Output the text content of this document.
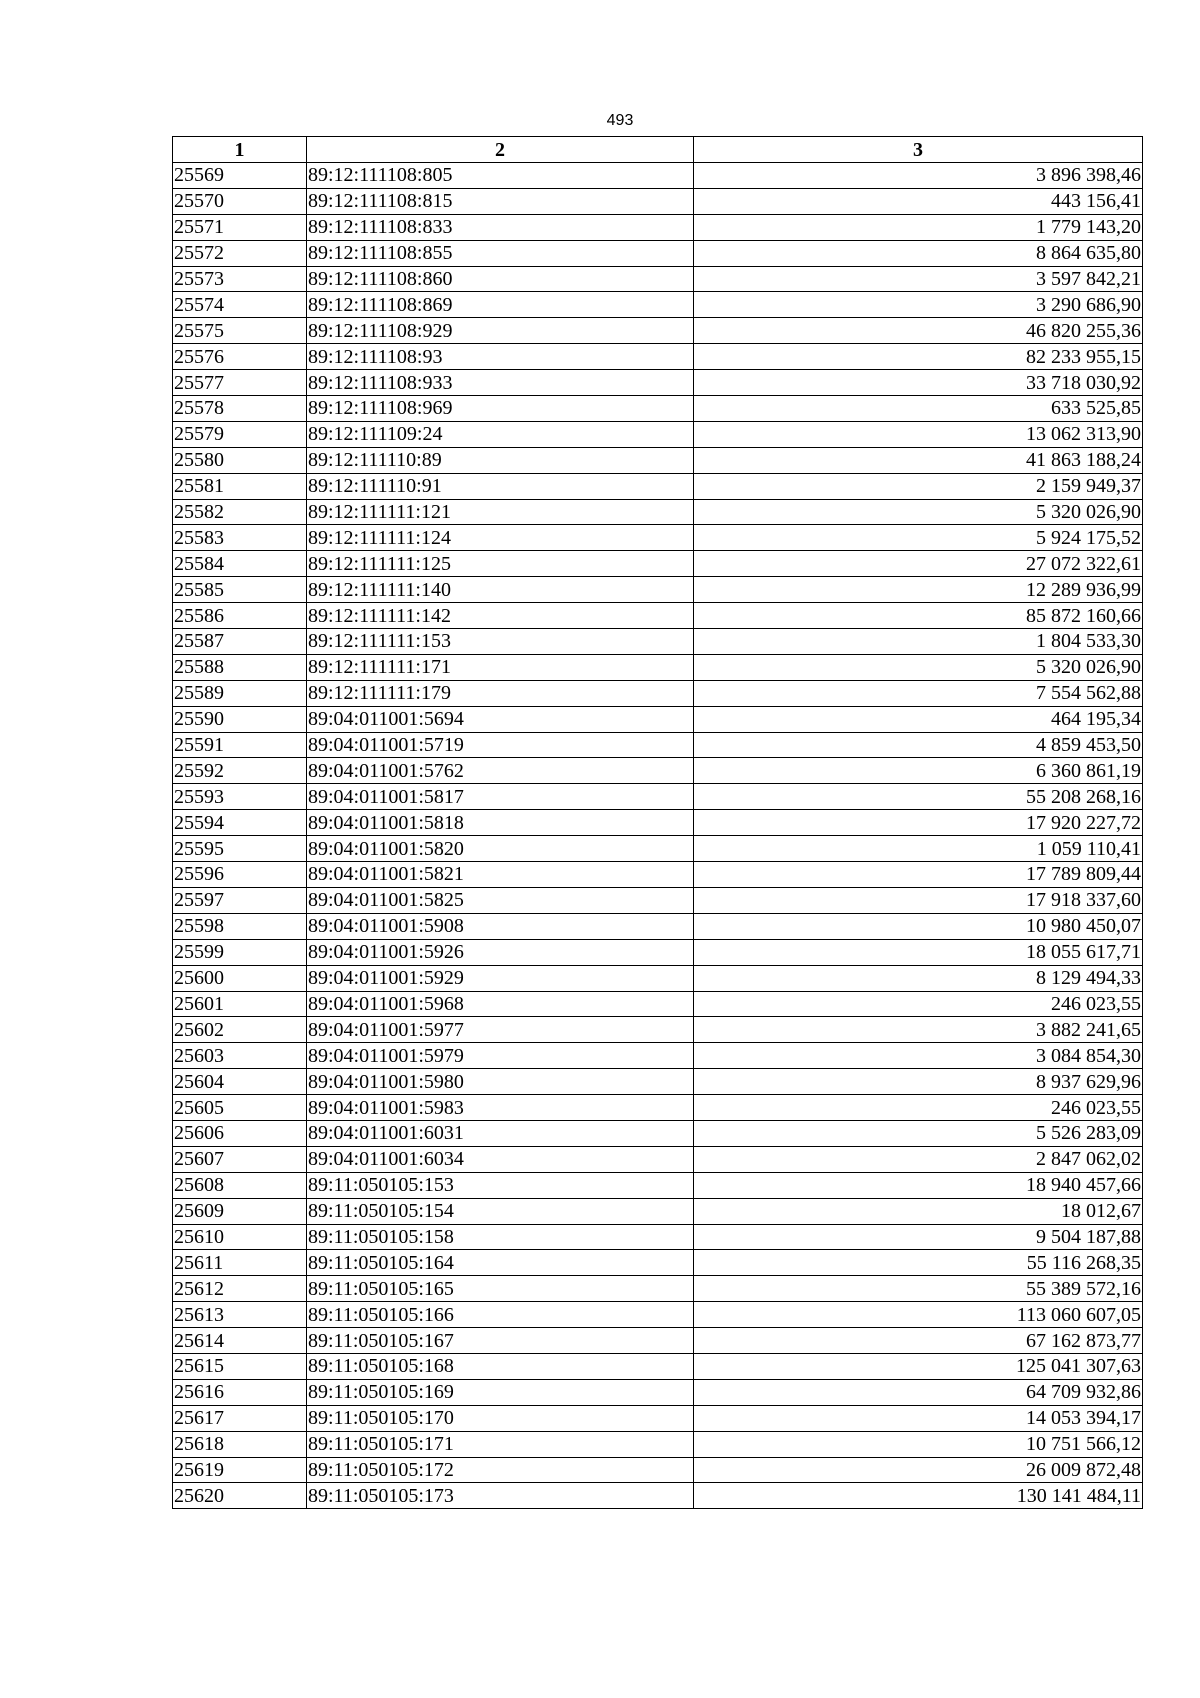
493
1	2	3
25569	89:12:111108:805	3 896 398,46
25570	89:12:111108:815	443 156,41
25571	89:12:111108:833	1 779 143,20
25572	89:12:111108:855	8 864 635,80
25573	89:12:111108:860	3 597 842,21
25574	89:12:111108:869	3 290 686,90
25575	89:12:111108:929	46 820 255,36
25576	89:12:111108:93	82 233 955,15
25577	89:12:111108:933	33 718 030,92
25578	89:12:111108:969	633 525,85
25579	89:12:111109:24	13 062 313,90
25580	89:12:111110:89	41 863 188,24
25581	89:12:111110:91	2 159 949,37
25582	89:12:111111:121	5 320 026,90
25583	89:12:111111:124	5 924 175,52
25584	89:12:111111:125	27 072 322,61
25585	89:12:111111:140	12 289 936,99
25586	89:12:111111:142	85 872 160,66
25587	89:12:111111:153	1 804 533,30
25588	89:12:111111:171	5 320 026,90
25589	89:12:111111:179	7 554 562,88
25590	89:04:011001:5694	464 195,34
25591	89:04:011001:5719	4 859 453,50
25592	89:04:011001:5762	6 360 861,19
25593	89:04:011001:5817	55 208 268,16
25594	89:04:011001:5818	17 920 227,72
25595	89:04:011001:5820	1 059 110,41
25596	89:04:011001:5821	17 789 809,44
25597	89:04:011001:5825	17 918 337,60
25598	89:04:011001:5908	10 980 450,07
25599	89:04:011001:5926	18 055 617,71
25600	89:04:011001:5929	8 129 494,33
25601	89:04:011001:5968	246 023,55
25602	89:04:011001:5977	3 882 241,65
25603	89:04:011001:5979	3 084 854,30
25604	89:04:011001:5980	8 937 629,96
25605	89:04:011001:5983	246 023,55
25606	89:04:011001:6031	5 526 283,09
25607	89:04:011001:6034	2 847 062,02
25608	89:11:050105:153	18 940 457,66
25609	89:11:050105:154	18 012,67
25610	89:11:050105:158	9 504 187,88
25611	89:11:050105:164	55 116 268,35
25612	89:11:050105:165	55 389 572,16
25613	89:11:050105:166	113 060 607,05
25614	89:11:050105:167	67 162 873,77
25615	89:11:050105:168	125 041 307,63
25616	89:11:050105:169	64 709 932,86
25617	89:11:050105:170	14 053 394,17
25618	89:11:050105:171	10 751 566,12
25619	89:11:050105:172	26 009 872,48
25620	89:11:050105:173	130 141 484,11
